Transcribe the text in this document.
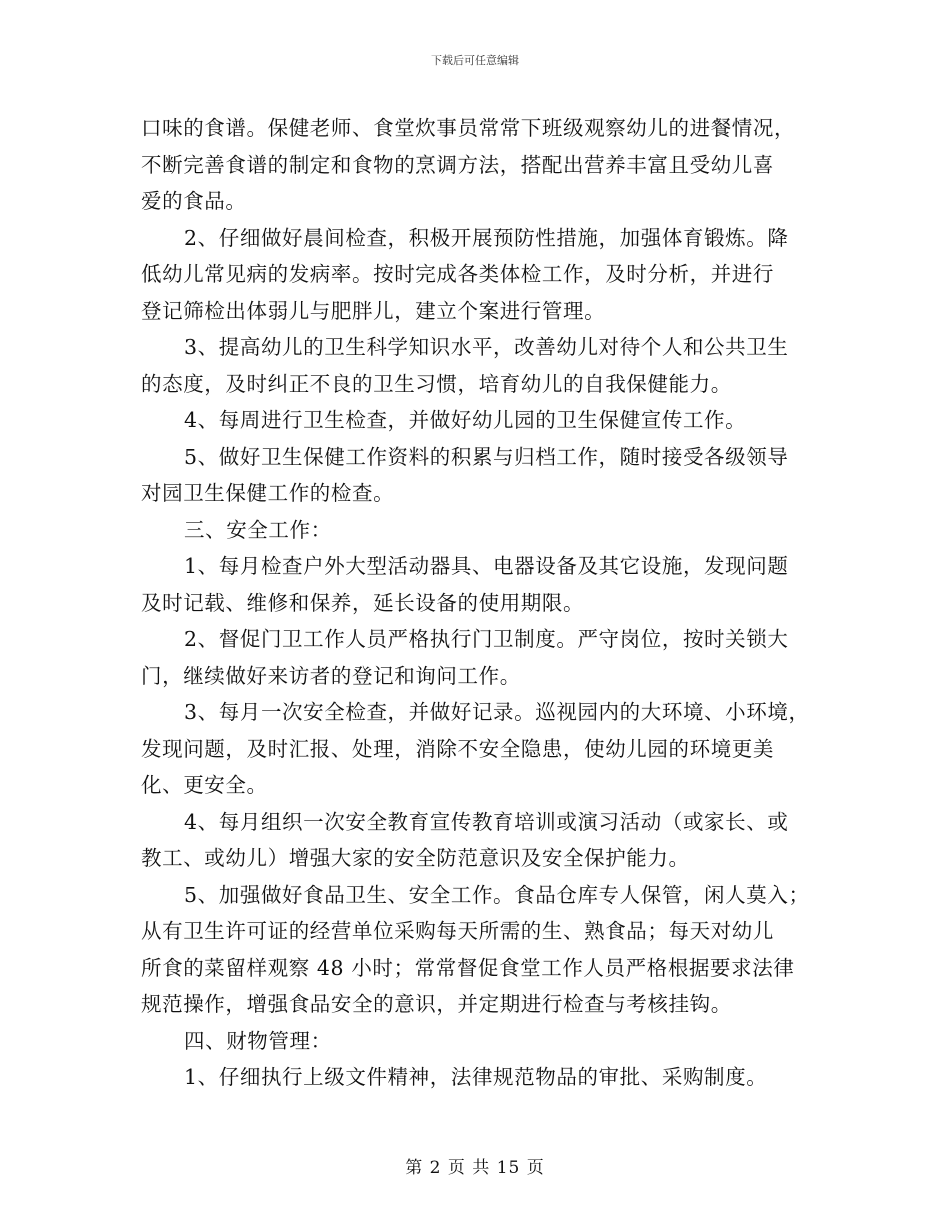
下载后可任意编辑
口味的食谱。保健老师、食堂炊事员常常下班级观察幼儿的进餐情况，
不断完善食谱的制定和食物的烹调方法，搭配出营养丰富且受幼儿喜
爱的食品。
2、仔细做好晨间检查，积极开展预防性措施，加强体育锻炼。降
低幼儿常见病的发病率。按时完成各类体检工作，及时分析，并进行
登记筛检出体弱儿与肥胖儿，建立个案进行管理。
3、提高幼儿的卫生科学知识水平，改善幼儿对待个人和公共卫生
的态度，及时纠正不良的卫生习惯，培育幼儿的自我保健能力。
4、每周进行卫生检查，并做好幼儿园的卫生保健宣传工作。
5、做好卫生保健工作资料的积累与归档工作，随时接受各级领导
对园卫生保健工作的检查。
三、安全工作：
1、每月检查户外大型活动器具、电器设备及其它设施，发现问题
及时记载、维修和保养，延长设备的使用期限。
2、督促门卫工作人员严格执行门卫制度。严守岗位，按时关锁大
门，继续做好来访者的登记和询问工作。
3、每月一次安全检查，并做好记录。巡视园内的大环境、小环境，
发现问题，及时汇报、处理，消除不安全隐患，使幼儿园的环境更美
化、更安全。
4、每月组织一次安全教育宣传教育培训或演习活动（或家长、或
教工、或幼儿）增强大家的安全防范意识及安全保护能力。
5、加强做好食品卫生、安全工作。食品仓库专人保管，闲人莫入；
从有卫生许可证的经营单位采购每天所需的生、熟食品；每天对幼儿
所食的菜留样观察 48 小时；常常督促食堂工作人员严格根据要求法律
规范操作，增强食品安全的意识，并定期进行检查与考核挂钩。
四、财物管理：
1、仔细执行上级文件精神，法律规范物品的审批、采购制度。
第 2 页 共 15 页
